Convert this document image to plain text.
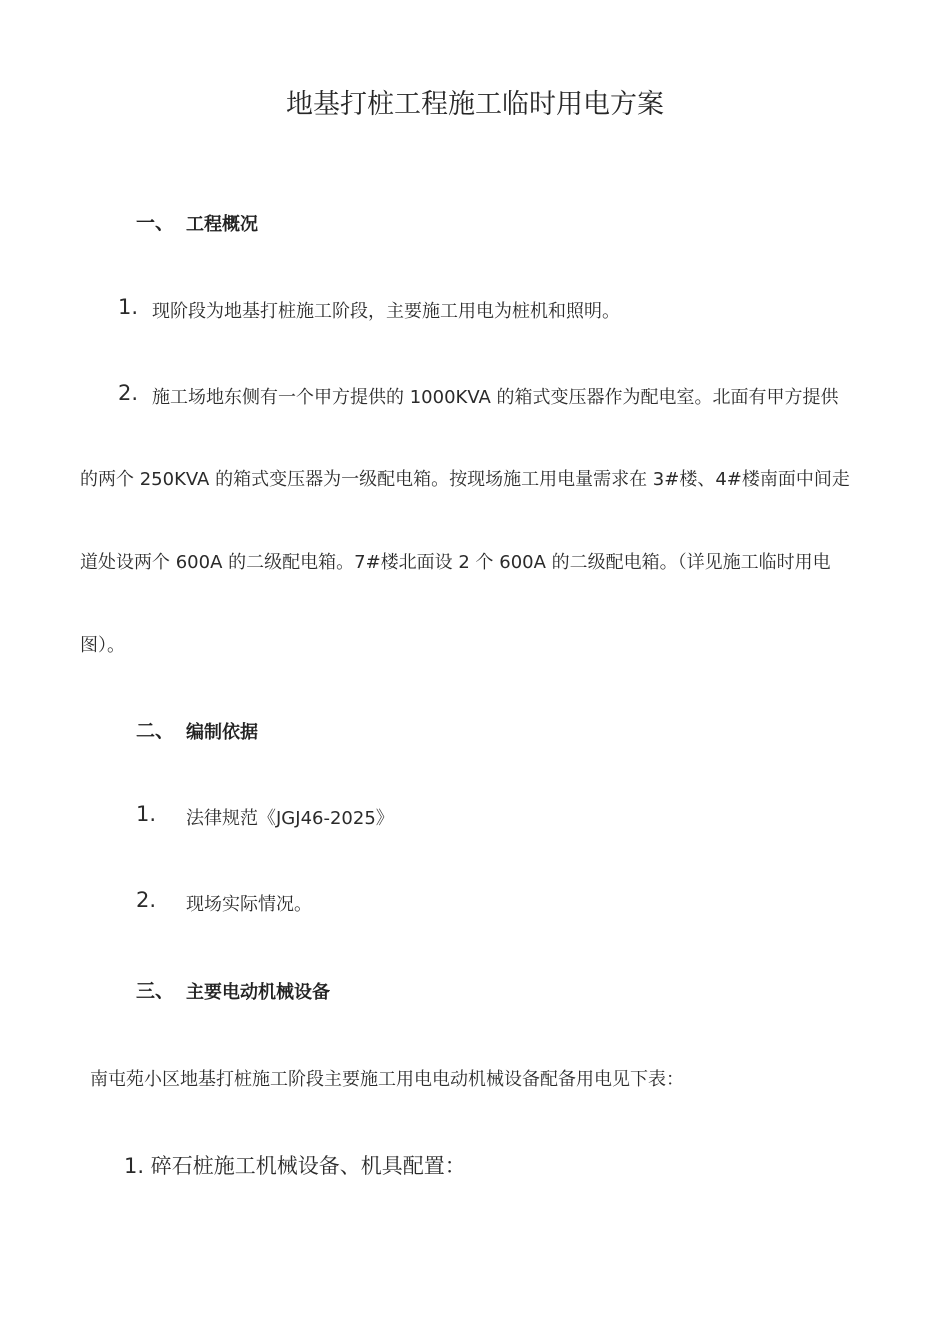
地基打桩工程施工临时用电方案
一、 工程概况
1. 现阶段为地基打桩施工阶段，主要施工用电为桩机和照明。
2. 施工场地东侧有一个甲方提供的 1000KVA 的箱式变压器作为配电室。北面有甲方提供
的两个 250KVA 的箱式变压器为一级配电箱。按现场施工用电量需求在 3#楼、4#楼南面中间走
道处设两个 600A 的二级配电箱。7#楼北面设 2 个 600A 的二级配电箱。（详见施工临时用电
图）。
二、 编制依据
1. 法律规范《JGJ46-2025》
2. 现场实际情况。
三、 主要电动机械设备
南屯苑小区地基打桩施工阶段主要施工用电电动机械设备配备用电见下表：
1. 碎石桩施工机械设备、机具配置：
